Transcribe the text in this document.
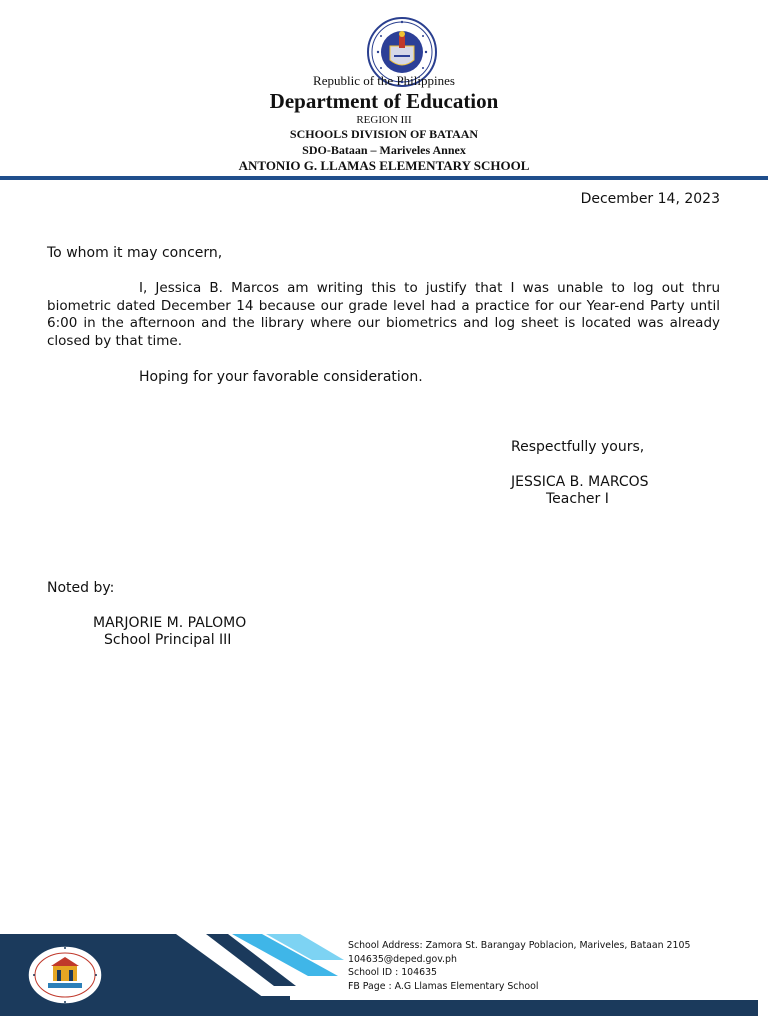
Republic of the Philippines
Department of Education
REGION III
SCHOOLS DIVISION OF BATAAN
SDO-Bataan – Mariveles Annex
ANTONIO G. LLAMAS ELEMENTARY SCHOOL
December 14, 2023
To whom it may concern,

I, Jessica B. Marcos am writing this to justify that I was unable to log out thru biometric dated December 14 because our grade level had a practice for our Year-end Party until 6:00 in the afternoon and the library where our biometrics and log sheet is located was already closed by that time.

Hoping for your favorable consideration.
Respectfully yours,
JESSICA B. MARCOS
Teacher I
Noted by:
MARJORIE M. PALOMO
School Principal III
School Address: Zamora St. Barangay Poblacion, Mariveles, Bataan 2105
104635@deped.gov.ph
School ID : 104635
FB Page : A.G Llamas Elementary School
